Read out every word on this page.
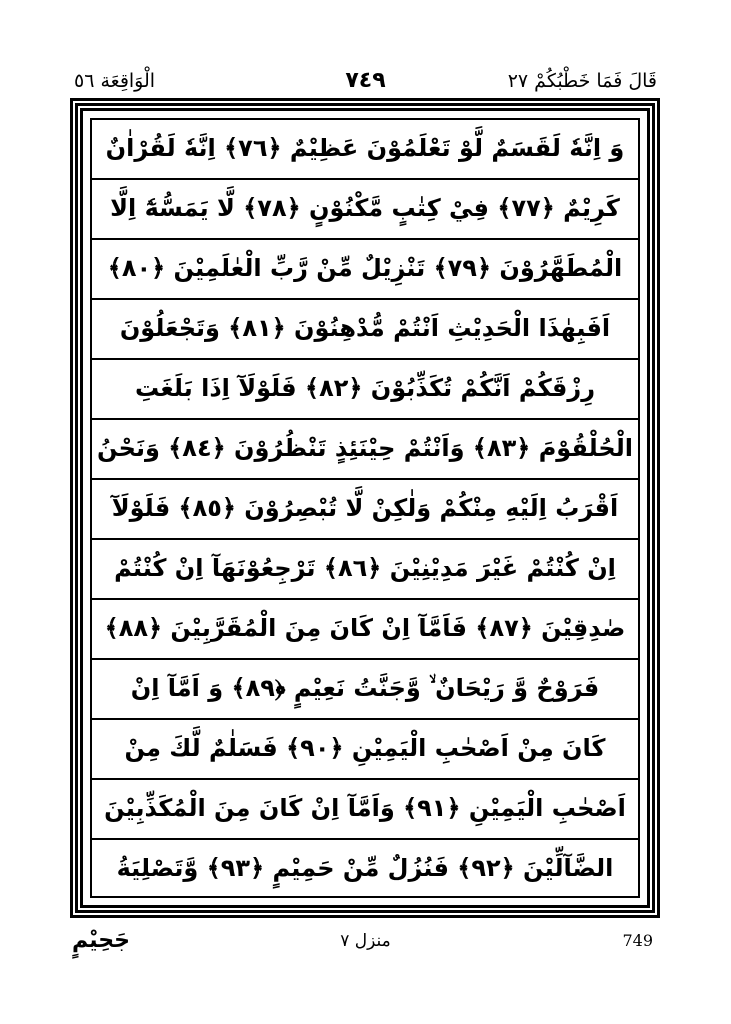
قَالَ فَمَا خَطْبُكُمْ ٢٧
٧٤٩
الْوَاقِعَة ٥٦
وَ اِنَّهٗ لَقَسَمٌ لَّوْ تَعْلَمُوْنَ عَظِيْمٌ ﴿٧٦﴾ اِنَّهٗ لَقُرْاٰنٌ
كَرِيْمٌ ﴿٧٧﴾ فِيْ كِتٰبٍ مَّكْنُوْنٍ ﴿٧٨﴾ لَّا يَمَسُّهٗٓ اِلَّا
الْمُطَهَّرُوْنَ ﴿٧٩﴾ تَنْزِيْلٌ مِّنْ رَّبِّ الْعٰلَمِيْنَ ﴿٨٠﴾
اَفَبِهٰذَا الْحَدِيْثِ اَنْتُمْ مُّدْهِنُوْنَ ﴿٨١﴾ وَتَجْعَلُوْنَ
رِزْقَكُمْ اَنَّكُمْ تُكَذِّبُوْنَ ﴿٨٢﴾ فَلَوْلَآ اِذَا بَلَغَتِ
الْحُلْقُوْمَ ﴿٨٣﴾ وَاَنْتُمْ حِيْنَئِذٍ تَنْظُرُوْنَ ﴿٨٤﴾ وَنَحْنُ
اَقْرَبُ اِلَيْهِ مِنْكُمْ وَلٰكِنْ لَّا تُبْصِرُوْنَ ﴿٨٥﴾ فَلَوْلَآ
اِنْ كُنْتُمْ غَيْرَ مَدِيْنِيْنَ ﴿٨٦﴾ تَرْجِعُوْنَهَآ اِنْ كُنْتُمْ
صٰدِقِيْنَ ﴿٨٧﴾ فَاَمَّآ اِنْ كَانَ مِنَ الْمُقَرَّبِيْنَ ﴿٨٨﴾
فَرَوْحٌ وَّ رَيْحَانٌ ۙ وَّجَنَّتُ نَعِيْمٍ ﴿٨٩﴾ وَ اَمَّآ اِنْ
كَانَ مِنْ اَصْحٰبِ الْيَمِيْنِ ﴿٩٠﴾ فَسَلٰمٌ لَّكَ مِنْ
اَصْحٰبِ الْيَمِيْنِ ﴿٩١﴾ وَاَمَّآ اِنْ كَانَ مِنَ الْمُكَذِّبِيْنَ
الضَّآلِّيْنَ ﴿٩٢﴾ فَنُزُلٌ مِّنْ حَمِيْمٍ ﴿٩٣﴾ وَّتَصْلِيَةُ
جَحِيْمٍ	منزل ٧	749
